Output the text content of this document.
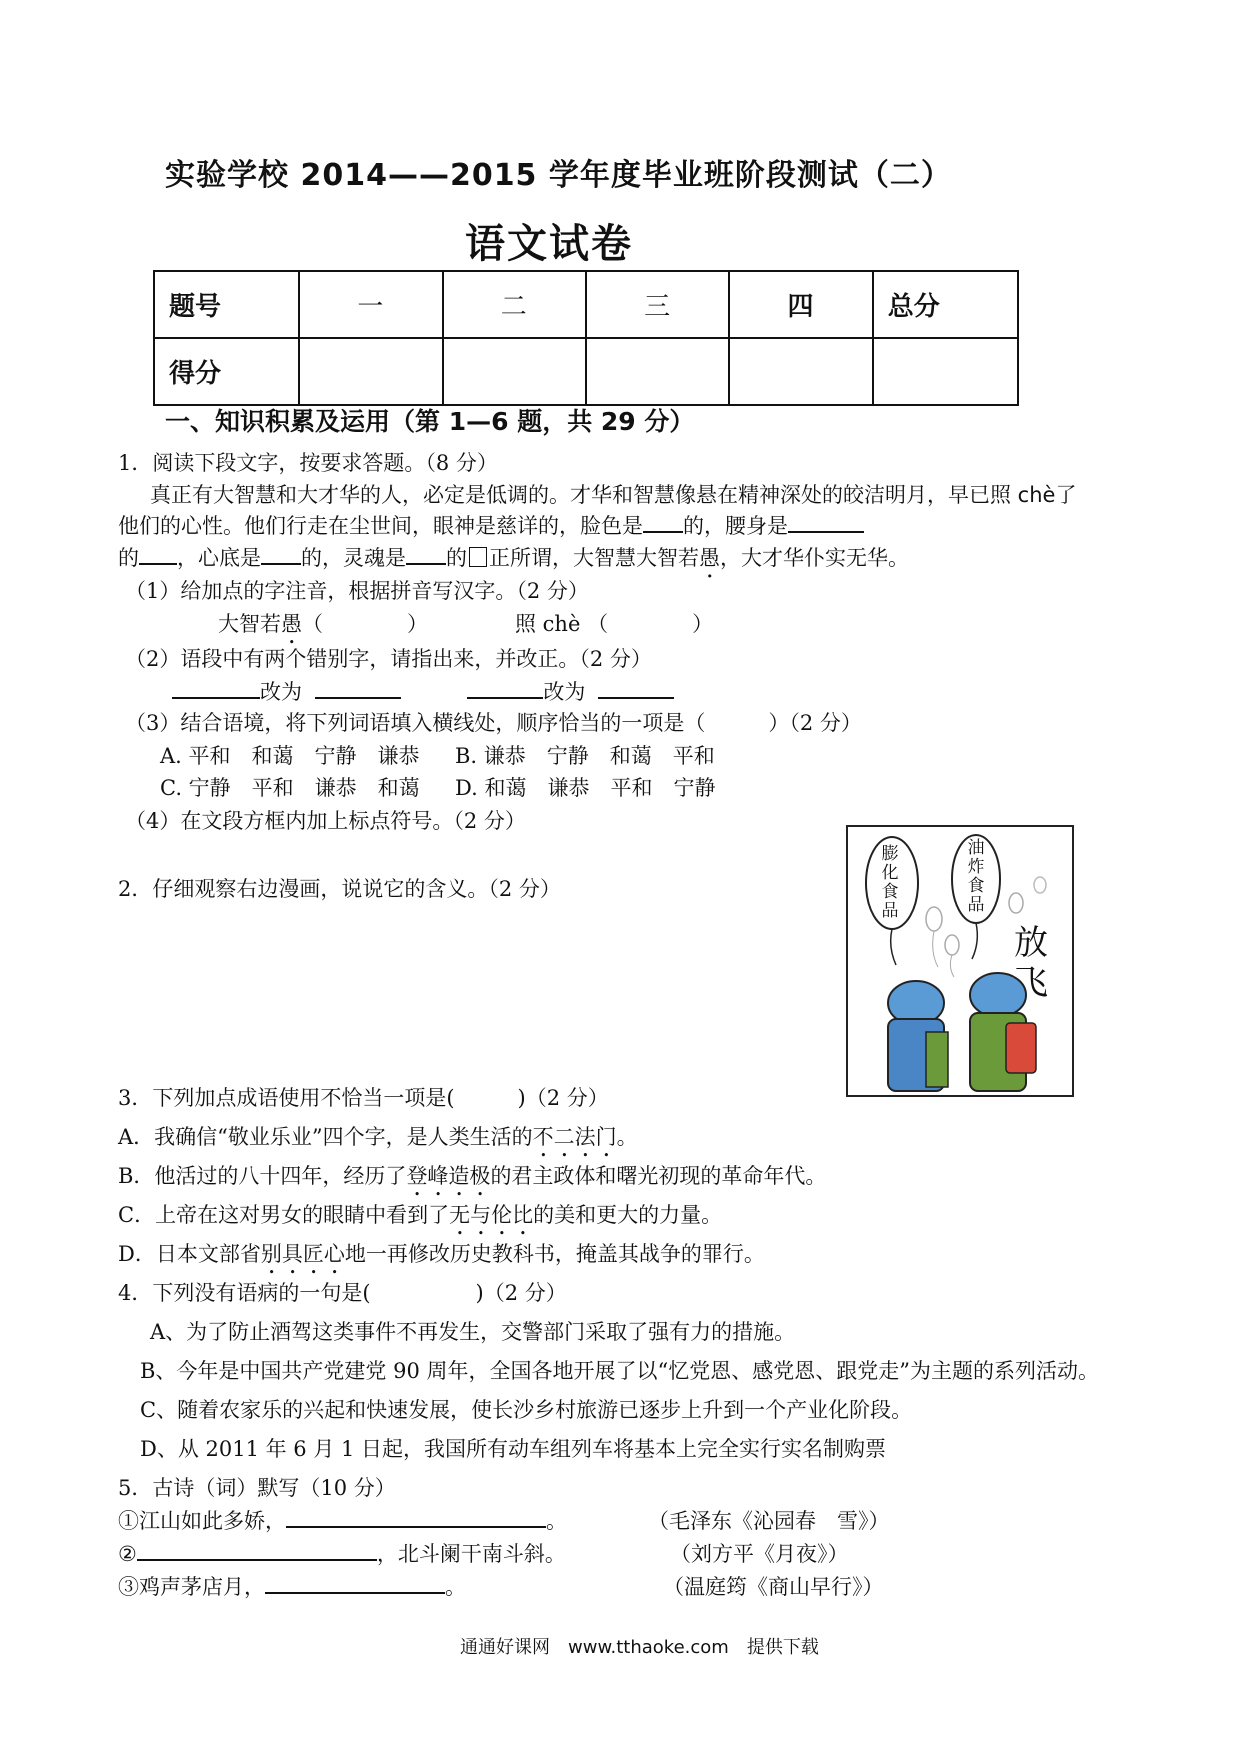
实验学校 2014——2015 学年度毕业班阶段测试（二）
语文试卷
题号	一	二	三	四	总分
得分					
一、知识积累及运用（第 1—6 题，共 29 分）
1．阅读下段文字，按要求答题。（8 分）
真正有大智慧和大才华的人，必定是低调的。才华和智慧像悬在精神深处的皎洁明月，早已照 chè了
他们的心性。他们行走在尘世间，眼神是慈详的，脸色是 的，腰身是
的 ，心底是 的，灵魂是 的 正所谓，大智慧大智若愚，大才华仆实无华。
（1）给加点的字注音，根据拼音写汉字。（2 分）
大智若愚（　　　　）	照 chè （　　　　）
（2）语段中有两个错别字，请指出来，并改正。（2 分）
改为	改为
（3）结合语境，将下列词语填入横线处，顺序恰当的一项是（　　　）（2 分）
A. 平和　和蔼　宁静　谦恭 B. 谦恭　宁静　和蔼　平和
C. 宁静　平和　谦恭　和蔼 D. 和蔼　谦恭　平和　宁静
（4）在文段方框内加上标点符号。（2 分）
2．仔细观察右边漫画，说说它的含义。（2 分）
膨化食品
油炸食品
放飞
3．下列加点成语使用不恰当一项是(　　　)（2 分）
A．我确信“敬业乐业”四个字，是人类生活的不二法门。
B．他活过的八十四年，经历了登峰造极的君主政体和曙光初现的革命年代。
C．上帝在这对男女的眼睛中看到了无与伦比的美和更大的力量。
D．日本文部省别具匠心地一再修改历史教科书，掩盖其战争的罪行。
4．下列没有语病的一句是(　　　　　)（2 分）
A、为了防止酒驾这类事件不再发生，交警部门采取了强有力的措施。
B、今年是中国共产党建党 90 周年，全国各地开展了以“忆党恩、感党恩、跟党走”为主题的系列活动。
C、随着农家乐的兴起和快速发展，使长沙乡村旅游已逐步上升到一个产业化阶段。
D、从 2011 年 6 月 1 日起，我国所有动车组列车将基本上完全实行实名制购票
5．古诗（词）默写（10 分）
①江山如此多娇，	。	（毛泽东《沁园春　雪》）
②	，北斗阑干南斗斜。	（刘方平《月夜》）
③鸡声茅店月，	。	（温庭筠《商山早行》）
通通好课网　www.tthaoke.com　提供下载
